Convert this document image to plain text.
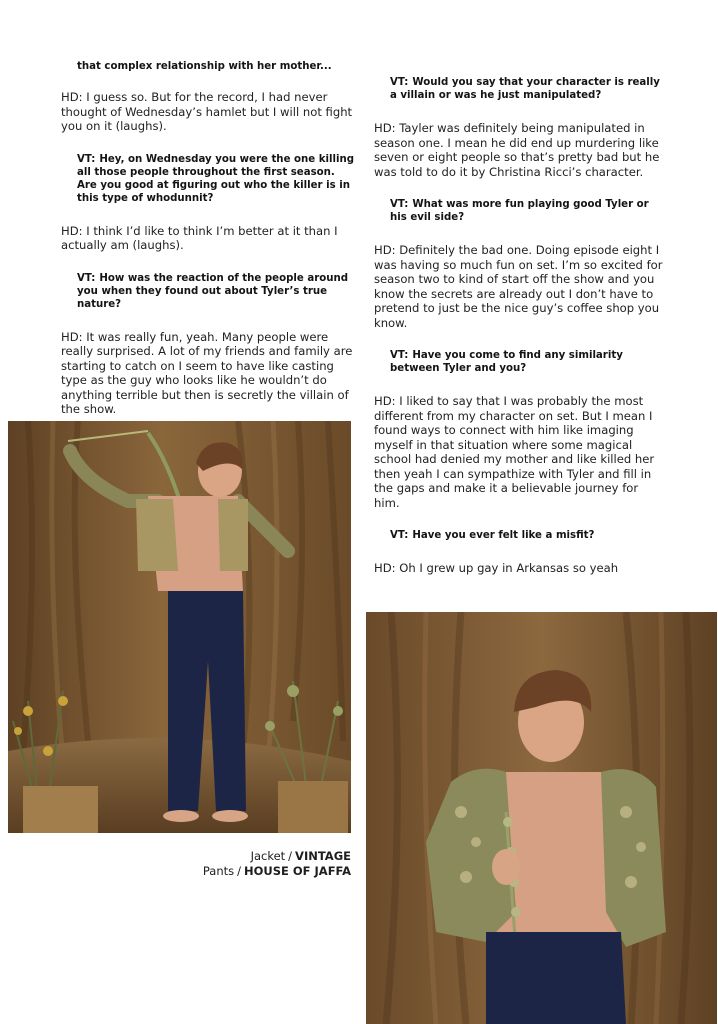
that complex relationship with her mother...

HD: I guess so. But for the record, I had never thought of Wednesday’s hamlet but I will not fight you on it (laughs).

VT: Hey, on Wednesday you were the one killing all those people throughout the first season. Are you good at figuring out who the killer is in this type of whodunnit?

HD: I think I’d like to think I’m better at it than I actually am (laughs).

VT: How was the reaction of the people around you when they found out about Tyler’s true nature?

HD: It was really fun, yeah. Many people were really surprised. A lot of my friends and family are starting to catch on I seem to have like casting type as the guy who looks like he wouldn’t do anything terrible but then is secretly the villain of the show.

VT: Would you say that your character is really a villain or was he just manipulated?

HD: Tayler was definitely being manipulated in season one. I mean he did end up murdering like seven or eight people so that’s pretty bad but he was told to do it by Christina Ricci’s character.

VT: What was more fun playing good Tyler or his evil side?

HD: Definitely the bad one. Doing episode eight I was having so much fun on set. I’m so excited for season two to kind of start off the show and you know the secrets are already out I don’t have to pretend to just be the nice guy’s coffee shop you know.

VT: Have you come to find any similarity between Tyler and you?

HD: I liked to say that I was probably the most different from my character on set. But I mean I found ways to connect with him like imaging myself in that situation where some magical school had denied my mother and like killed her then yeah I can sympathize with Tyler and fill in the gaps and make it a believable journey for him.

VT: Have you ever felt like a misfit?

HD: Oh I grew up gay in Arkansas so yeah

Jacket / VINTAGE
Pants / HOUSE OF JAFFA
